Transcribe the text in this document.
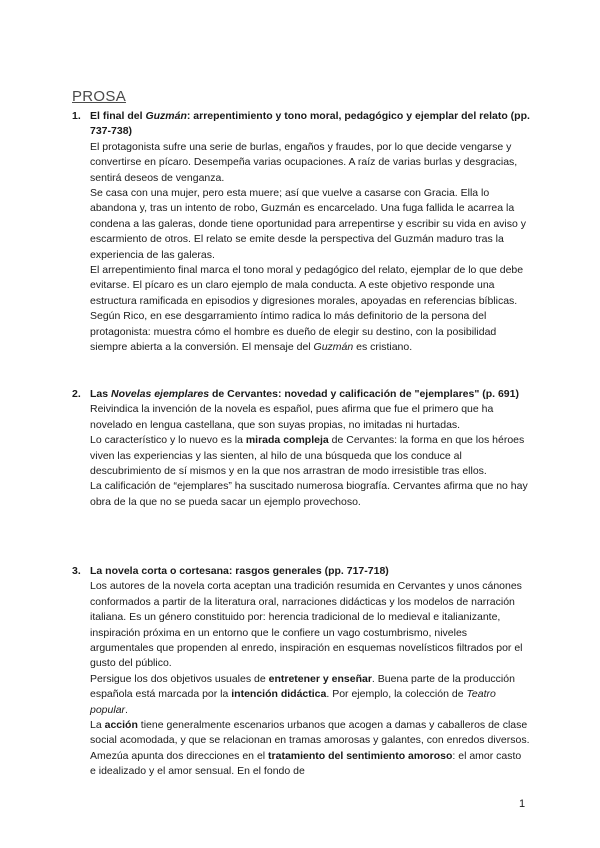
PROSA
1. El final del Guzmán: arrepentimiento y tono moral, pedagógico y ejemplar del relato (pp. 737-738)

El protagonista sufre una serie de burlas, engaños y fraudes, por lo que decide vengarse y convertirse en pícaro. Desempeña varias ocupaciones. A raíz de varias burlas y desgracias, sentirá deseos de venganza.

Se casa con una mujer, pero esta muere; así que vuelve a casarse con Gracia. Ella lo abandona y, tras un intento de robo, Guzmán es encarcelado. Una fuga fallida le acarrea la condena a las galeras, donde tiene oportunidad para arrepentirse y escribir su vida en aviso y escarmiento de otros. El relato se emite desde la perspectiva del Guzmán maduro tras la experiencia de las galeras.

El arrepentimiento final marca el tono moral y pedagógico del relato, ejemplar de lo que debe evitarse. El pícaro es un claro ejemplo de mala conducta. A este objetivo responde una estructura ramificada en episodios y digresiones morales, apoyadas en referencias bíblicas.

Según Rico, en ese desgarramiento íntimo radica lo más definitorio de la persona del protagonista: muestra cómo el hombre es dueño de elegir su destino, con la posibilidad siempre abierta a la conversión. El mensaje del Guzmán es cristiano.

2. Las Novelas ejemplares de Cervantes: novedad y calificación de "ejemplares" (p. 691)

Reivindica la invención de la novela es español, pues afirma que fue el primero que ha novelado en lengua castellana, que son suyas propias, no imitadas ni hurtadas.

Lo característico y lo nuevo es la mirada compleja de Cervantes: la forma en que los héroes viven las experiencias y las sienten, al hilo de una búsqueda que los conduce al descubrimiento de sí mismos y en la que nos arrastran de modo irresistible tras ellos.

La calificación de “ejemplares” ha suscitado numerosa biografía. Cervantes afirma que no hay obra de la que no se pueda sacar un ejemplo provechoso.

3. La novela corta o cortesana: rasgos generales (pp. 717-718)

Los autores de la novela corta aceptan una tradición resumida en Cervantes y unos cánones conformados a partir de la literatura oral, narraciones didácticas y los modelos de narración italiana. Es un género constituido por: herencia tradicional de lo medieval e italianizante, inspiración próxima en un entorno que le confiere un vago costumbrismo, niveles argumentales que propenden al enredo, inspiración en esquemas novelísticos filtrados por el gusto del público.

Persigue los dos objetivos usuales de entretener y enseñar. Buena parte de la producción española está marcada por la intención didáctica. Por ejemplo, la colección de Teatro popular.

La acción tiene generalmente escenarios urbanos que acogen a damas y caballeros de clase social acomodada, y que se relacionan en tramas amorosas y galantes, con enredos diversos. Amezúa apunta dos direcciones en el tratamiento del sentimiento amoroso: el amor casto e idealizado y el amor sensual. En el fondo de

1
